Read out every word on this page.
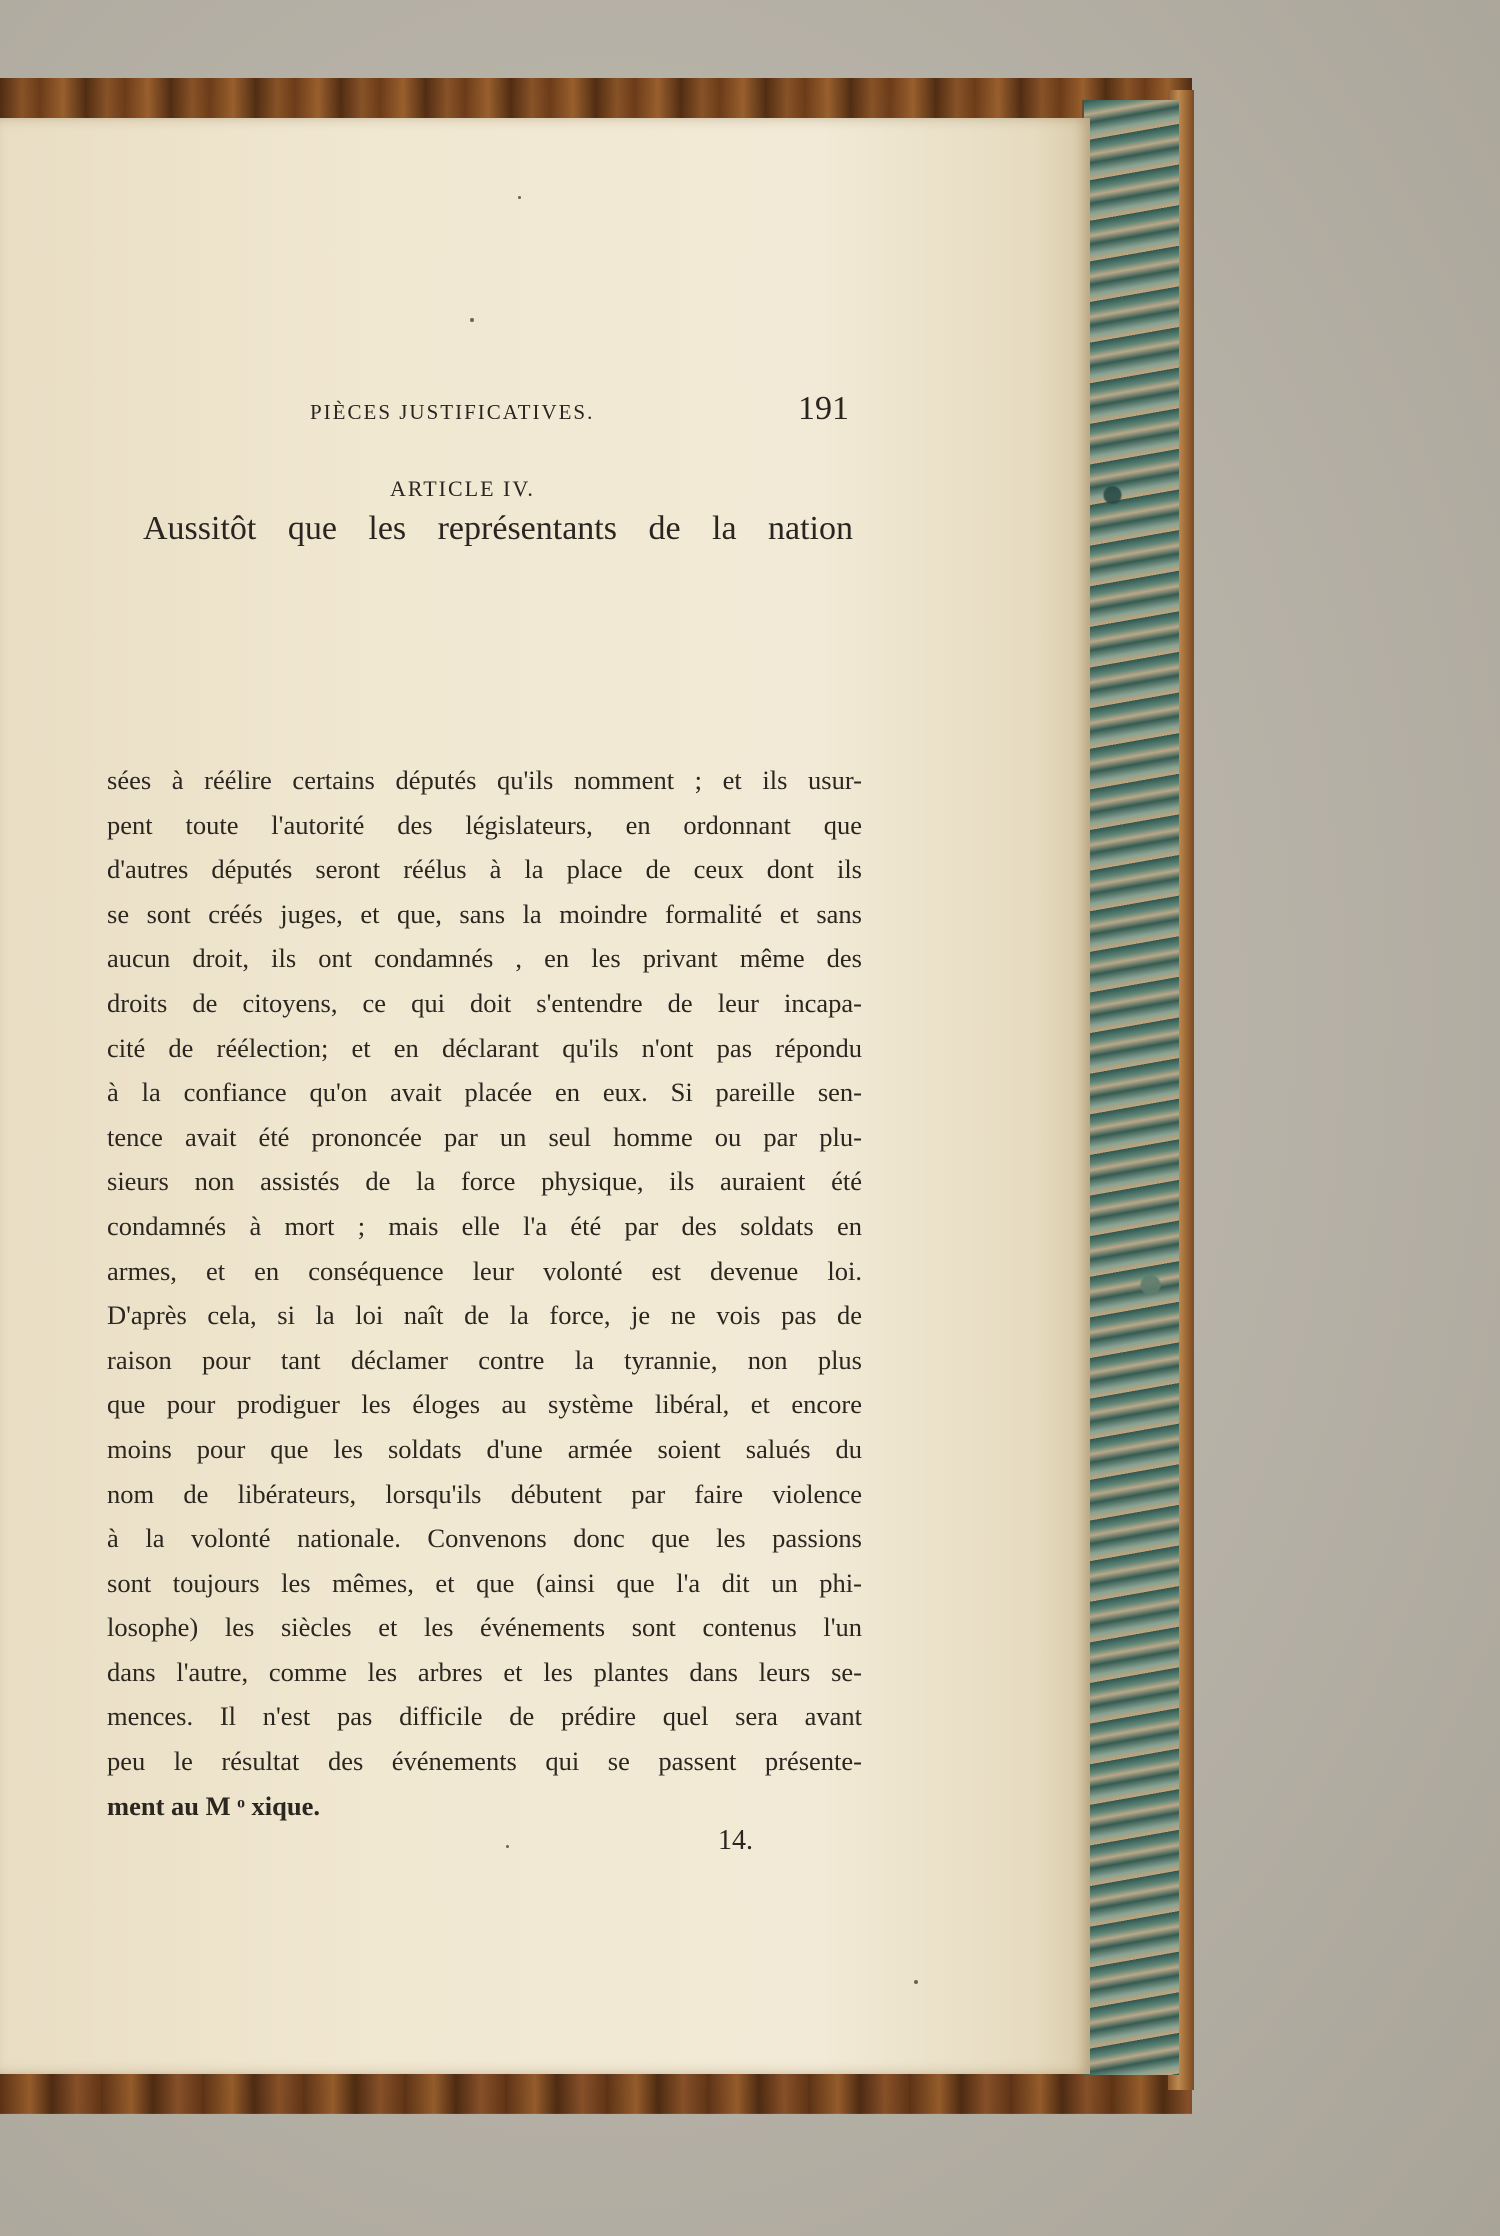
PIÈCES JUSTIFICATIVES.	191
ARTICLE IV.
Aussitôt que les représentants de la nation
sées à réélire certains députés qu'ils nomment ; et ils usur-
pent toute l'autorité des législateurs, en ordonnant que
d'autres députés seront réélus à la place de ceux dont ils
se sont créés juges, et que, sans la moindre formalité et sans
aucun droit, ils ont condamnés , en les privant même des
droits de citoyens, ce qui doit s'entendre de leur incapa-
cité de réélection; et en déclarant qu'ils n'ont pas répondu
à la confiance qu'on avait placée en eux. Si pareille sen-
tence avait été prononcée par un seul homme ou par plu-
sieurs non assistés de la force physique, ils auraient été
condamnés à mort ; mais elle l'a été par des soldats en
armes, et en conséquence leur volonté est devenue loi.
D'après cela, si la loi naît de la force, je ne vois pas de
raison pour tant déclamer contre la tyrannie, non plus
que pour prodiguer les éloges au système libéral, et encore
moins pour que les soldats d'une armée soient salués du
nom de libérateurs, lorsqu'ils débutent par faire violence
à la volonté nationale. Convenons donc que les passions
sont toujours les mêmes, et que (ainsi que l'a dit un phi-
losophe) les siècles et les événements sont contenus l'un
dans l'autre, comme les arbres et les plantes dans leurs se-
mences. Il n'est pas difficile de prédire quel sera avant
peu le résultat des événements qui se passent présente-
ment au M ᵒ xique.
14.
